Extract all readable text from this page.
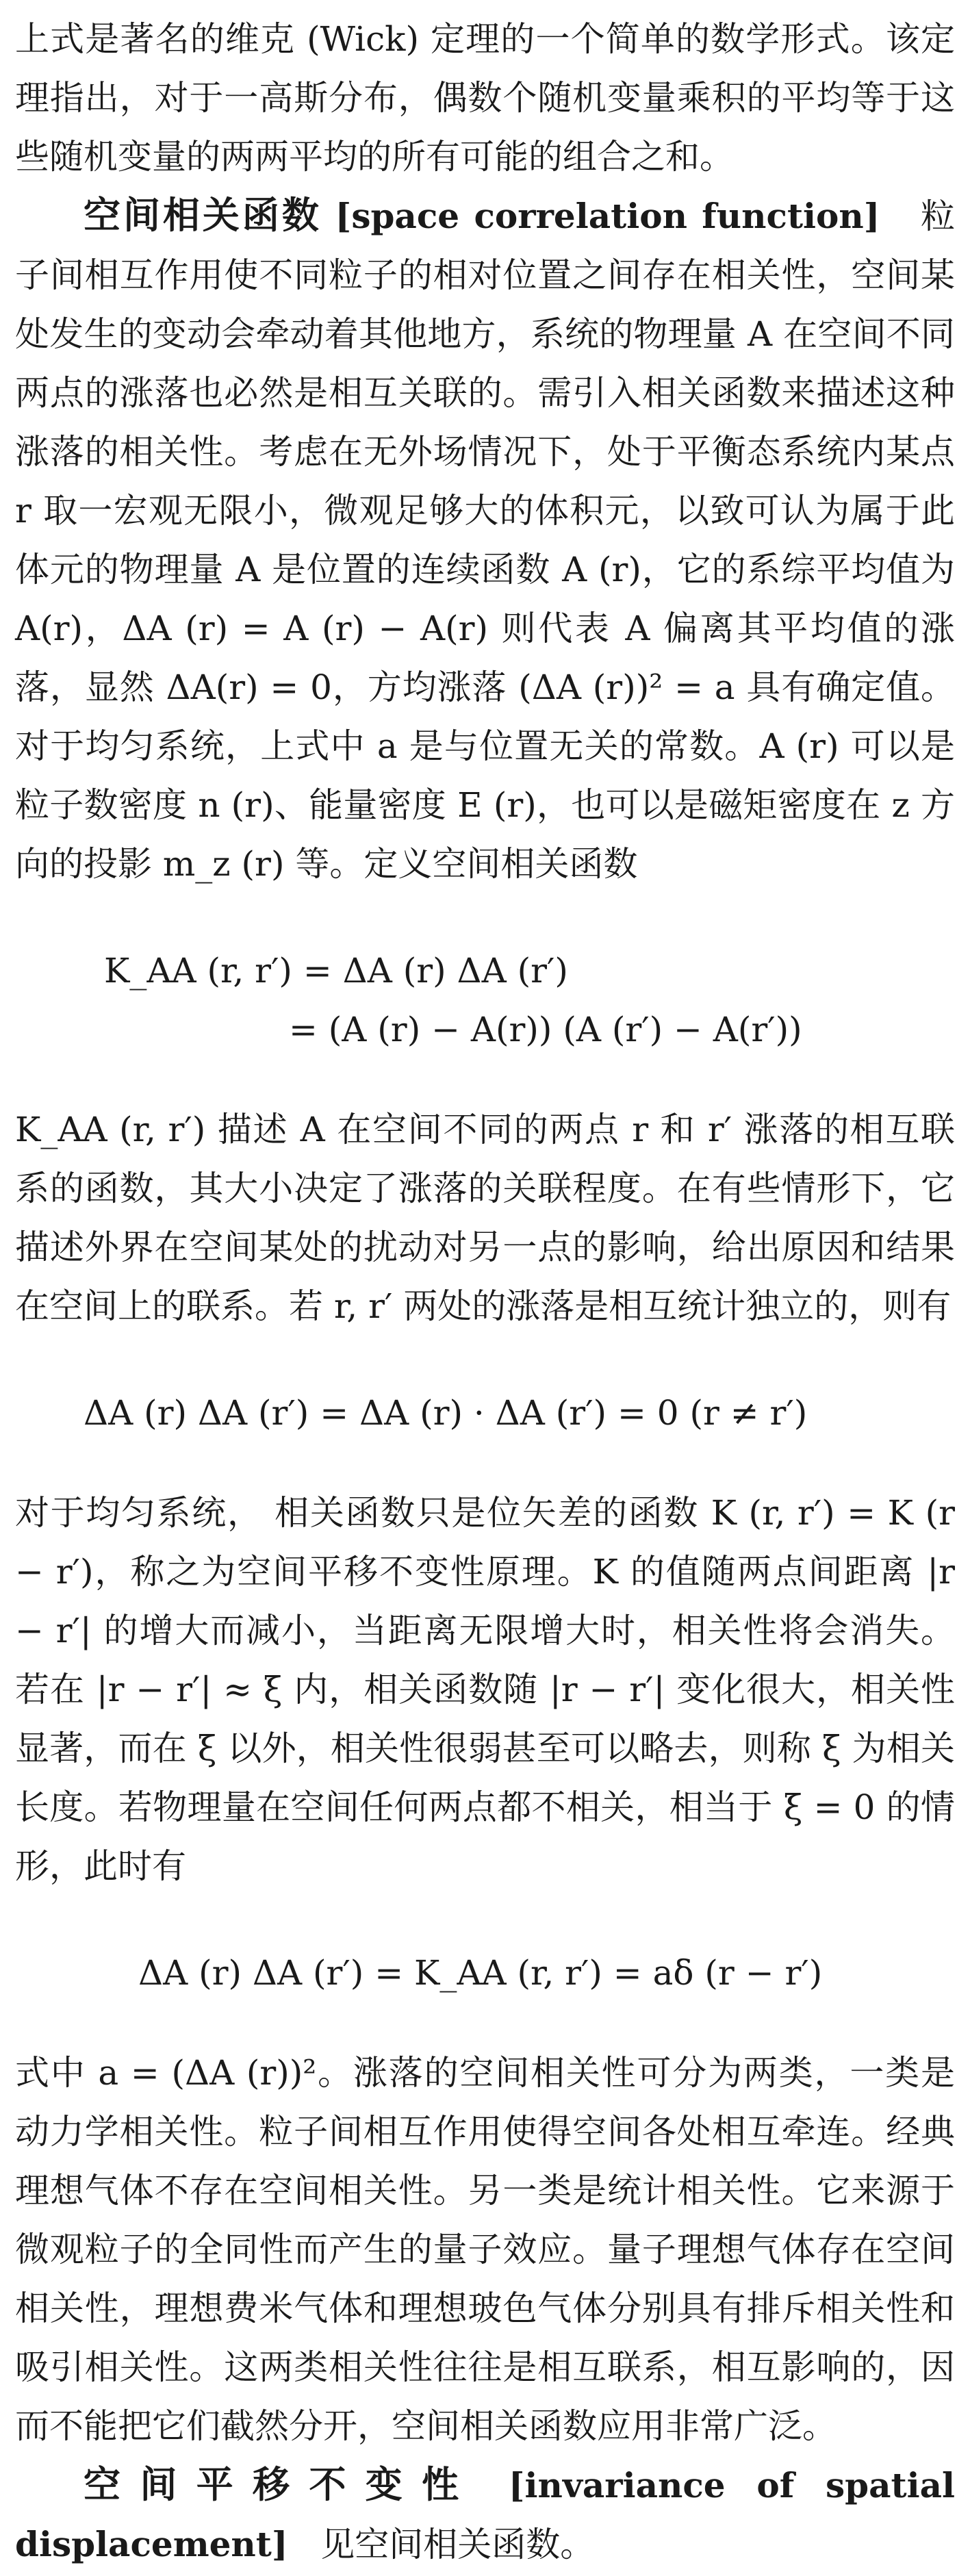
上式是著名的维克 (Wick) 定理的一个简单的数学形式。该定理指出，对于一高斯分布，偶数个随机变量乘积的平均等于这些随机变量的两两平均的所有可能的组合之和。

空间相关函数 [space correlation function] 粒子间相互作用使不同粒子的相对位置之间存在相关性，空间某处发生的变动会牵动着其他地方，系统的物理量 A 在空间不同两点的涨落也必然是相互关联的。需引入相关函数来描述这种涨落的相关性。考虑在无外场情况下，处于平衡态系统内某点 r 取一宏观无限小，微观足够大的体积元，以致可认为属于此体元的物理量 A 是位置的连续函数 A (r)，它的系综平均值为 A(r)，ΔA (r) = A (r) − A(r) 则代表 A 偏离其平均值的涨落，显然 ΔA(r) = 0，方均涨落 (ΔA (r))² = a 具有确定值。对于均匀系统，上式中 a 是与位置无关的常数。A (r) 可以是粒子数密度 n (r)、能量密度 E (r)，也可以是磁矩密度在 z 方向的投影 m_z (r) 等。定义空间相关函数

K_AA (r, r′) = ΔA (r) ΔA (r′)

= (A (r) − A(r)) (A (r′) − A(r′))

K_AA (r, r′) 描述 A 在空间不同的两点 r 和 r′ 涨落的相互联系的函数，其大小决定了涨落的关联程度。在有些情形下，它描述外界在空间某处的扰动对另一点的影响，给出原因和结果在空间上的联系。若 r, r′ 两处的涨落是相互统计独立的，则有

ΔA (r) ΔA (r′) = ΔA (r) · ΔA (r′) = 0 (r ≠ r′)

对于均匀系统， 相关函数只是位矢差的函数 K (r, r′) = K (r − r′)，称之为空间平移不变性原理。K 的值随两点间距离 |r − r′| 的增大而减小，当距离无限增大时，相关性将会消失。若在 |r − r′| ≈ ξ 内，相关函数随 |r − r′| 变化很大，相关性显著，而在 ξ 以外，相关性很弱甚至可以略去，则称 ξ 为相关长度。若物理量在空间任何两点都不相关，相当于 ξ = 0 的情形，此时有

ΔA (r) ΔA (r′) = K_AA (r, r′) = aδ (r − r′)

式中 a = (ΔA (r))²。涨落的空间相关性可分为两类，一类是动力学相关性。粒子间相互作用使得空间各处相互牵连。经典理想气体不存在空间相关性。另一类是统计相关性。它来源于微观粒子的全同性而产生的量子效应。量子理想气体存在空间相关性，理想费米气体和理想玻色气体分别具有排斥相关性和吸引相关性。这两类相关性往往是相互联系，相互影响的，因而不能把它们截然分开，空间相关函数应用非常广泛。

空间平移不变性 [invariance of spatial displacement] 见空间相关函数。
